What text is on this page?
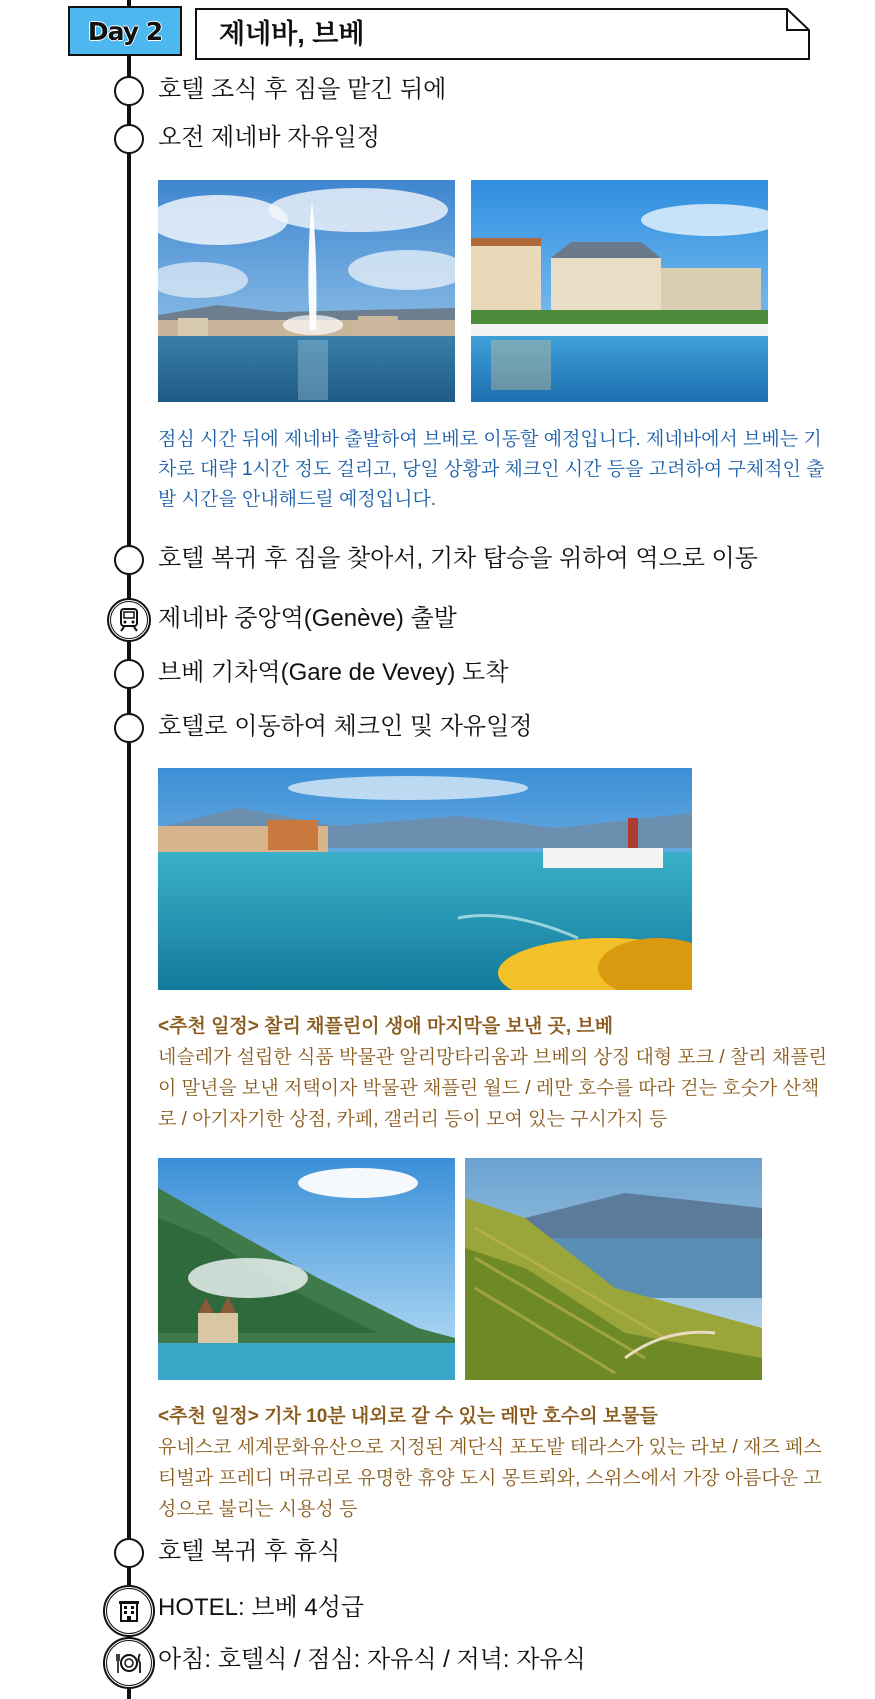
Day 2 제네바, 브베
호텔 조식 후 짐을 맡긴 뒤에
오전 제네바 자유일정
점심 시간 뒤에 제네바 출발하여 브베로 이동할 예정입니다. 제네바에서 브베는 기차로 대략 1시간 정도 걸리고, 당일 상황과 체크인 시간 등을 고려하여 구체적인 출발 시간을 안내해드릴 예정입니다.
호텔 복귀 후 짐을 찾아서, 기차 탑승을 위하여 역으로 이동
제네바 중앙역(Genève) 출발
브베 기차역(Gare de Vevey) 도착
호텔로 이동하여 체크인 및 자유일정
<추천 일정> 찰리 채플린이 생애 마지막을 보낸 곳, 브베
네슬레가 설립한 식품 박물관 알리망타리움과 브베의 상징 대형 포크 / 찰리 채플린이 말년을 보낸 저택이자 박물관 채플린 월드 / 레만 호수를 따라 걷는 호숫가 산책로 / 아기자기한 상점, 카페, 갤러리 등이 모여 있는 구시가지 등
<추천 일정> 기차 10분 내외로 갈 수 있는 레만 호수의 보물들
유네스코 세계문화유산으로 지정된 계단식 포도밭 테라스가 있는 라보 / 재즈 페스티벌과 프레디 머큐리로 유명한 휴양 도시 몽트뢰와, 스위스에서 가장 아름다운 고성으로 불리는 시용성 등
호텔 복귀 후 휴식
HOTEL: 브베 4성급
아침: 호텔식 / 점심: 자유식 / 저녁: 자유식
